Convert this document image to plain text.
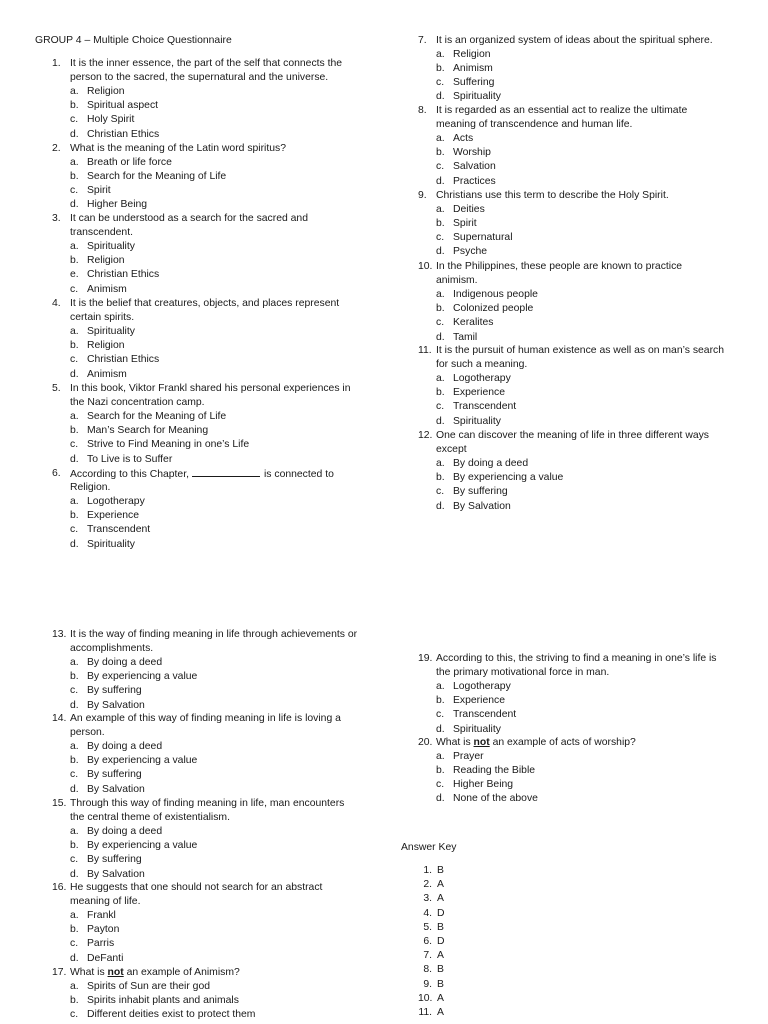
GROUP 4 – Multiple Choice Questionnaire
1. It is the inner essence, the part of the self that connects the
person to the sacred, the supernatural and the universe.
a. Religion
b. Spiritual aspect
c. Holy Spirit
d. Christian Ethics
2. What is the meaning of the Latin word spiritus?
a. Breath or life force
b. Search for the Meaning of Life
c. Spirit
d. Higher Being
3. It can be understood as a search for the sacred and
transcendent.
a. Spirituality
b. Religion
e. Christian Ethics
c. Animism
4. It is the belief that creatures, objects, and places represent
certain spirits.
a. Spirituality
b. Religion
c. Christian Ethics
d. Animism
5. In this book, Viktor Frankl shared his personal experiences in
the Nazi concentration camp.
a. Search for the Meaning of Life
b. Man’s Search for Meaning
c. Strive to Find Meaning in one’s Life
d. To Live is to Suffer
6. According to this Chapter,	is connected to
Religion.
a. Logotherapy
b. Experience
c. Transcendent
d. Spirituality
7. It is an organized system of ideas about the spiritual sphere.
a. Religion
b. Animism
c. Suffering
d. Spirituality
8. It is regarded as an essential act to realize the ultimate
meaning of transcendence and human life.
a. Acts
b. Worship
c. Salvation
d. Practices
9. Christians use this term to describe the Holy Spirit.
a. Deities
b. Spirit
c. Supernatural
d. Psyche
10. In the Philippines, these people are known to practice
animism.
a. Indigenous people
b. Colonized people
c. Keralites
d. Tamil
11. It is the pursuit of human existence as well as on man’s search
for such a meaning.
a. Logotherapy
b. Experience
c. Transcendent
d. Spirituality
12. One can discover the meaning of life in three different ways
except
a. By doing a deed
b. By experiencing a value
c. By suffering
d. By Salvation
13. It is the way of finding meaning in life through achievements or
accomplishments.
a. By doing a deed
b. By experiencing a value
c. By suffering
d. By Salvation
14. An example of this way of finding meaning in life is loving a
person.
a. By doing a deed
b. By experiencing a value
c. By suffering
d. By Salvation
15. Through this way of finding meaning in life, man encounters
the central theme of existentialism.
a. By doing a deed
b. By experiencing a value
c. By suffering
d. By Salvation
16. He suggests that one should not search for an abstract
meaning of life.
a. Frankl
b. Payton
c. Parris
d. DeFanti
17. What is not an example of Animism?
a. Spirits of Sun are their god
b. Spirits inhabit plants and animals
c. Different deities exist to protect them
19. According to this, the striving to find a meaning in one’s life is
the primary motivational force in man.
a. Logotherapy
b. Experience
c. Transcendent
d. Spirituality
20. What is not an example of acts of worship?
a. Prayer
b. Reading the Bible
c. Higher Being
d. None of the above
Answer Key
1. B
2. A
3. A
4. D
5. B
6. D
7. A
8. B
9. B
10. A
11. A
